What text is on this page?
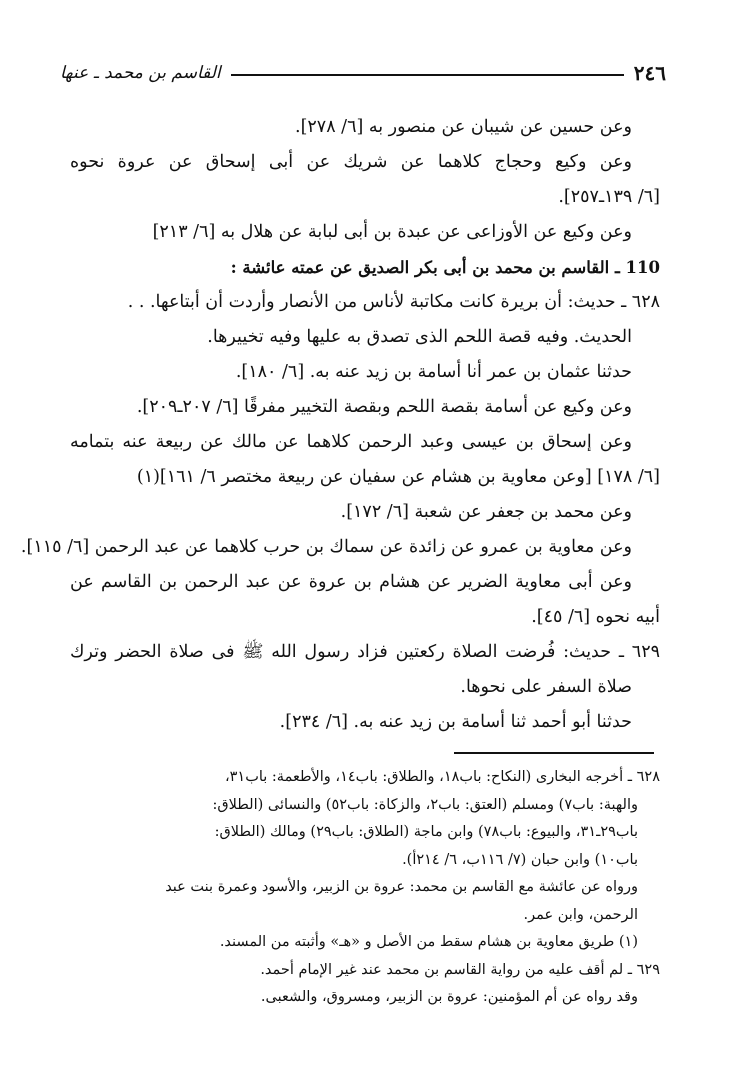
٢٤٦
القاسم بن محمد ـ عنها
وعن حسين عن شيبان عن منصور به [٦/ ٢٧٨].
وعن وكيع وحجاج كلاهما عن شريك عن أبى إسحاق عن عروة نحوه
[٦/ ١٣٩ـ٢٥٧].
وعن وكيع عن الأوزاعى عن عبدة بن أبى لبابة عن هلال به [٦/ ٢١٣]
110 ـ القاسم بن محمد بن أبى بكر الصديق عن عمته عائشة :
٦٢٨ ـ حديث: أن بريرة كانت مكاتبة لأناس من الأنصار وأردت أن أبتاعها. . .
الحديث. وفيه قصة اللحم الذى تصدق به عليها وفيه تخييرها.
حدثنا عثمان بن عمر أنا أسامة بن زيد عنه به. [٦/ ١٨٠].
وعن وكيع عن أسامة بقصة اللحم وبقصة التخيير مفرقًا [٦/ ٢٠٧ـ٢٠٩].
وعن إسحاق بن عيسى وعبد الرحمن كلاهما عن مالك عن ربيعة عنه بتمامه
[٦/ ١٧٨] [وعن معاوية بن هشام عن سفيان عن ربيعة مختصر ٦/ ١٦١](١)
وعن محمد بن جعفر عن شعبة [٦/ ١٧٢].
وعن معاوية بن عمرو عن زائدة عن سماك بن حرب كلاهما عن عبد الرحمن [٦/ ١١٥].
وعن أبى معاوية الضرير عن هشام بن عروة عن عبد الرحمن بن القاسم عن
أبيه نحوه [٦/ ٤٥].
٦٢٩ ـ حديث: فُرضت الصلاة ركعتين فزاد رسول الله ﷺ فى صلاة الحضر وترك
صلاة السفر على نحوها.
حدثنا أبو أحمد ثنا أسامة بن زيد عنه به. [٦/ ٢٣٤].
٦٢٨ ـ أخرجه البخارى (النكاح: باب١٨، والطلاق: باب١٤، والأطعمة: باب٣١،
والهبة: باب٧) ومسلم (العتق: باب٢، والزكاة: باب٥٢) والنسائى (الطلاق:
باب٢٩ـ٣١، والبيوع: باب٧٨) وابن ماجة (الطلاق: باب٢٩) ومالك (الطلاق:
باب١٠) وابن حبان (٧/ ١١٦ب، ٦/ ٢١٤أ).
ورواه عن عائشة مع القاسم بن محمد: عروة بن الزبير، والأسود وعمرة بنت عبد
الرحمن، وابن عمر.
(١) طريق معاوية بن هشام سقط من الأصل و «هـ» وأثبته من المسند.
٦٢٩ ـ لم أقف عليه من رواية القاسم بن محمد عند غير الإمام أحمد.
وقد رواه عن أم المؤمنين: عروة بن الزبير، ومسروق، والشعبى.
